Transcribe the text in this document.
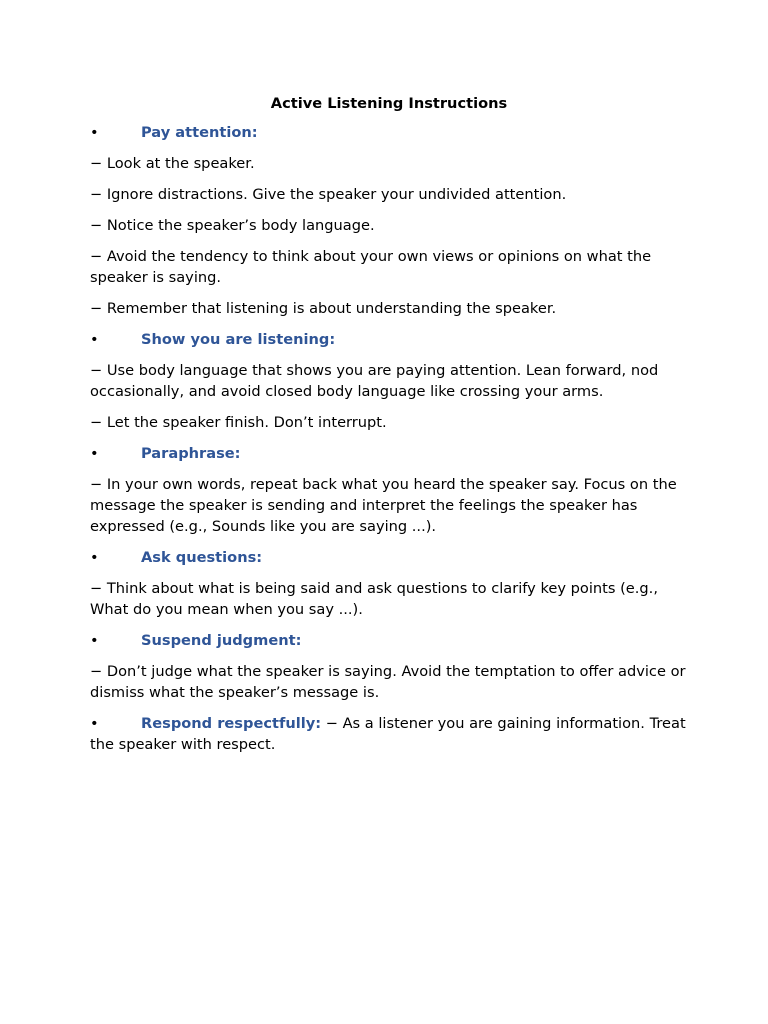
Active Listening Instructions
•	Pay attention:

− Look at the speaker.

− Ignore distractions. Give the speaker your undivided attention.

− Notice the speaker’s body language.

− Avoid the tendency to think about your own views or opinions on what the speaker is saying.

− Remember that listening is about understanding the speaker.

•	Show you are listening:

− Use body language that shows you are paying attention. Lean forward, nod occasionally, and avoid closed body language like crossing your arms.

− Let the speaker finish. Don’t interrupt.

•	Paraphrase:

− In your own words, repeat back what you heard the speaker say. Focus on the message the speaker is sending and interpret the feelings the speaker has expressed (e.g., Sounds like you are saying ...).

•	Ask questions:

− Think about what is being said and ask questions to clarify key points (e.g., What do you mean when you say ...).

•	Suspend judgment:

− Don’t judge what the speaker is saying. Avoid the temptation to offer advice or dismiss what the speaker’s message is.

•	Respond respectfully: − As a listener you are gaining information. Treat the speaker with respect.
